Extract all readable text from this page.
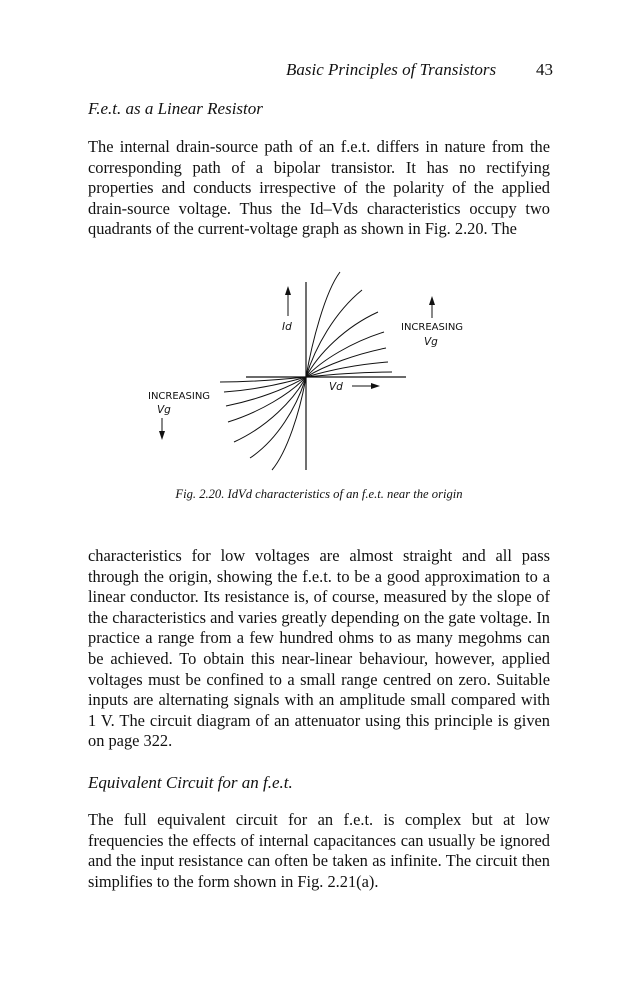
Basic Principles of Transistors 43
F.e.t. as a Linear Resistor

The internal drain-source path of an f.e.t. differs in nature from the corresponding path of a bipolar transistor. It has no rectifying properties and conducts irrespective of the polarity of the applied drain-source voltage. Thus the Id–Vds characteristics occupy two quadrants of the current-voltage graph as shown in Fig. 2.20. The

Id	INCREASING
Vg
Vd
INCREASING
Vg
Fig. 2.20. IdVd characteristics of an f.e.t. near the origin

characteristics for low voltages are almost straight and all pass through the origin, showing the f.e.t. to be a good approximation to a linear conductor. Its resistance is, of course, measured by the slope of the characteristics and varies greatly depending on the gate voltage. In practice a range from a few hundred ohms to as many megohms can be achieved. To obtain this near-linear behaviour, however, applied voltages must be confined to a small range centred on zero. Suitable inputs are alternating signals with an amplitude small compared with 1 V. The circuit diagram of an attenuator using this principle is given on page 322.

Equivalent Circuit for an f.e.t.

The full equivalent circuit for an f.e.t. is complex but at low frequencies the effects of internal capacitances can usually be ignored and the input resistance can often be taken as infinite. The circuit then simplifies to the form shown in Fig. 2.21(a).
